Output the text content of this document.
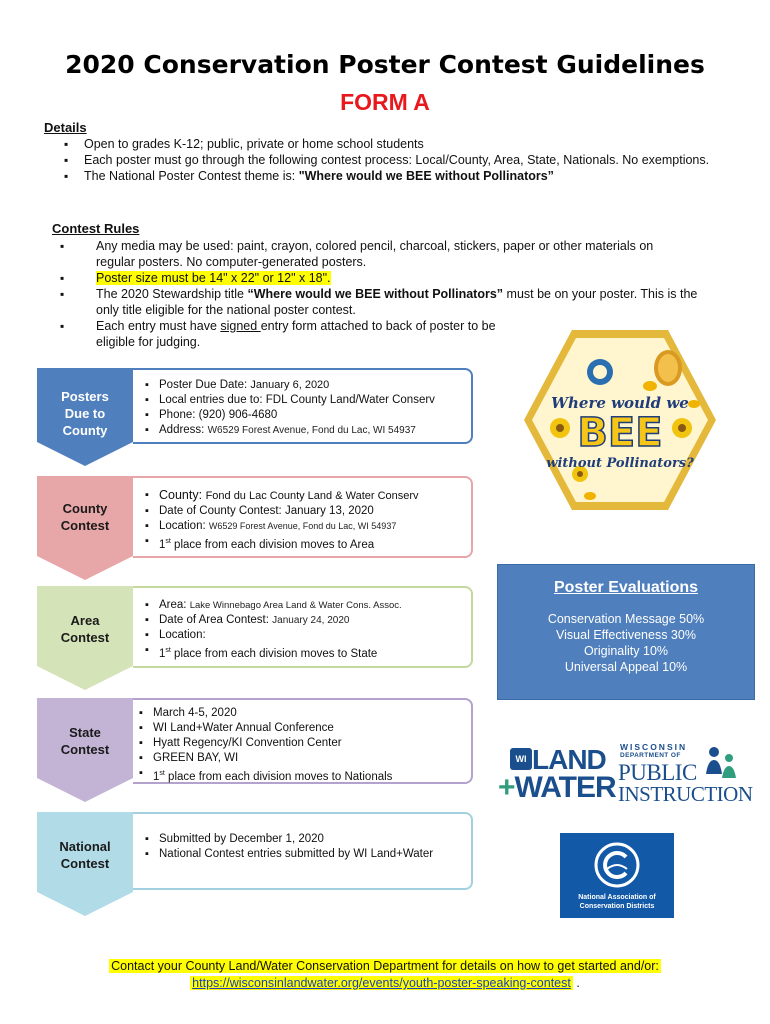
2020 Conservation Poster Contest Guidelines
FORM A
Details
▪ Open to grades K-12; public, private or home school students
▪ Each poster must go through the following contest process: Local/County, Area, State, Nationals. No exemptions.
▪ The National Poster Contest theme is: "Where would we BEE without Pollinators”
Contest Rules
▪ Any media may be used: paint, crayon, colored pencil, charcoal, stickers, paper or other materials on regular posters. No computer-generated posters.
▪ Poster size must be 14" x 22" or 12" x 18".
▪ The 2020 Stewardship title “Where would we BEE without Pollinators” must be on your poster. This is the only title eligible for the national poster contest.
▪ Each entry must have signed entry form attached to back of poster to be eligible for judging.
Posters
Due to
County
▪ Poster Due Date: January 6, 2020
▪ Local entries due to: FDL County Land/Water Conserv
▪ Phone: (920) 906-4680
▪ Address: W6529 Forest Avenue, Fond du Lac, WI 54937
County
Contest
▪ County: Fond du Lac County Land & Water Conserv
▪ Date of County Contest: January 13, 2020
▪ Location: W6529 Forest Avenue, Fond du Lac, WI 54937
▪ 1st place from each division moves to Area
Area
Contest
▪ Area: Lake Winnebago Area Land & Water Cons. Assoc.
▪ Date of Area Contest: January 24, 2020
▪ Location:
▪ 1st place from each division moves to State
State
Contest
▪ March 4-5, 2020
▪ WI Land+Water Annual Conference
▪ Hyatt Regency/KI Convention Center
▪ GREEN BAY, WI
▪ 1st place from each division moves to Nationals
National
Contest
▪ Submitted by December 1, 2020
▪ National Contest entries submitted by WI Land+Water
Where would we
BEE
without Pollinators?
Poster Evaluations
Conservation Message 50%
Visual Effectiveness 30%
Originality 10%
Universal Appeal 10%
WI LAND
+WATER
WISCONSIN
DEPARTMENT OF
PUBLIC
INSTRUCTION
National Association of
Conservation Districts
Contact your County Land/Water Conservation Department for details on how to get started and/or:
https://wisconsinlandwater.org/events/youth-poster-speaking-contest .
